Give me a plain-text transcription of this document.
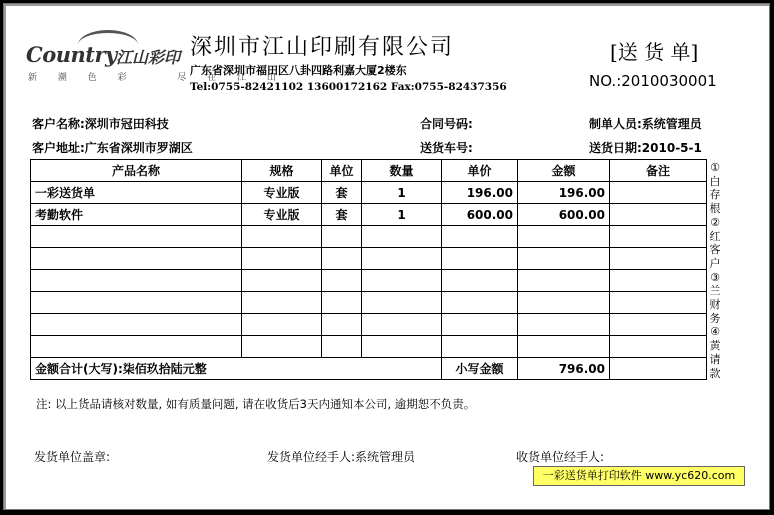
Country 江山彩印
新 潮 色 彩 　 尽 在 江 山
深圳市江山印刷有限公司
广东省深圳市福田区八卦四路利嘉大厦2楼东
Tel:0755-82421102 13600172162 Fax:0755-82437356
[送 货 单]
NO.:2010030001
客户名称:深圳市冠田科技	合同号码:	制单人员:系统管理员
客户地址:广东省深圳市罗湖区	送货车号:	送货日期:2010-5-1
产品名称	规格	单位	数量	单价	金额	备注
一彩送货单	专业版	套	1	196.00	196.00	
考勤软件	专业版	套	1	600.00	600.00	

金额合计(大写):柒佰玖拾陆元整				小写金额	796.00	
①白存根②红客户③兰财务④黄请款
注: 以上货品请核对数量, 如有质量问题, 请在收货后3天内通知本公司, 逾期恕不负责。
发货单位盖章:	发货单位经手人:系统管理员	收货单位经手人:
一彩送货单打印软件 www.yc620.com
